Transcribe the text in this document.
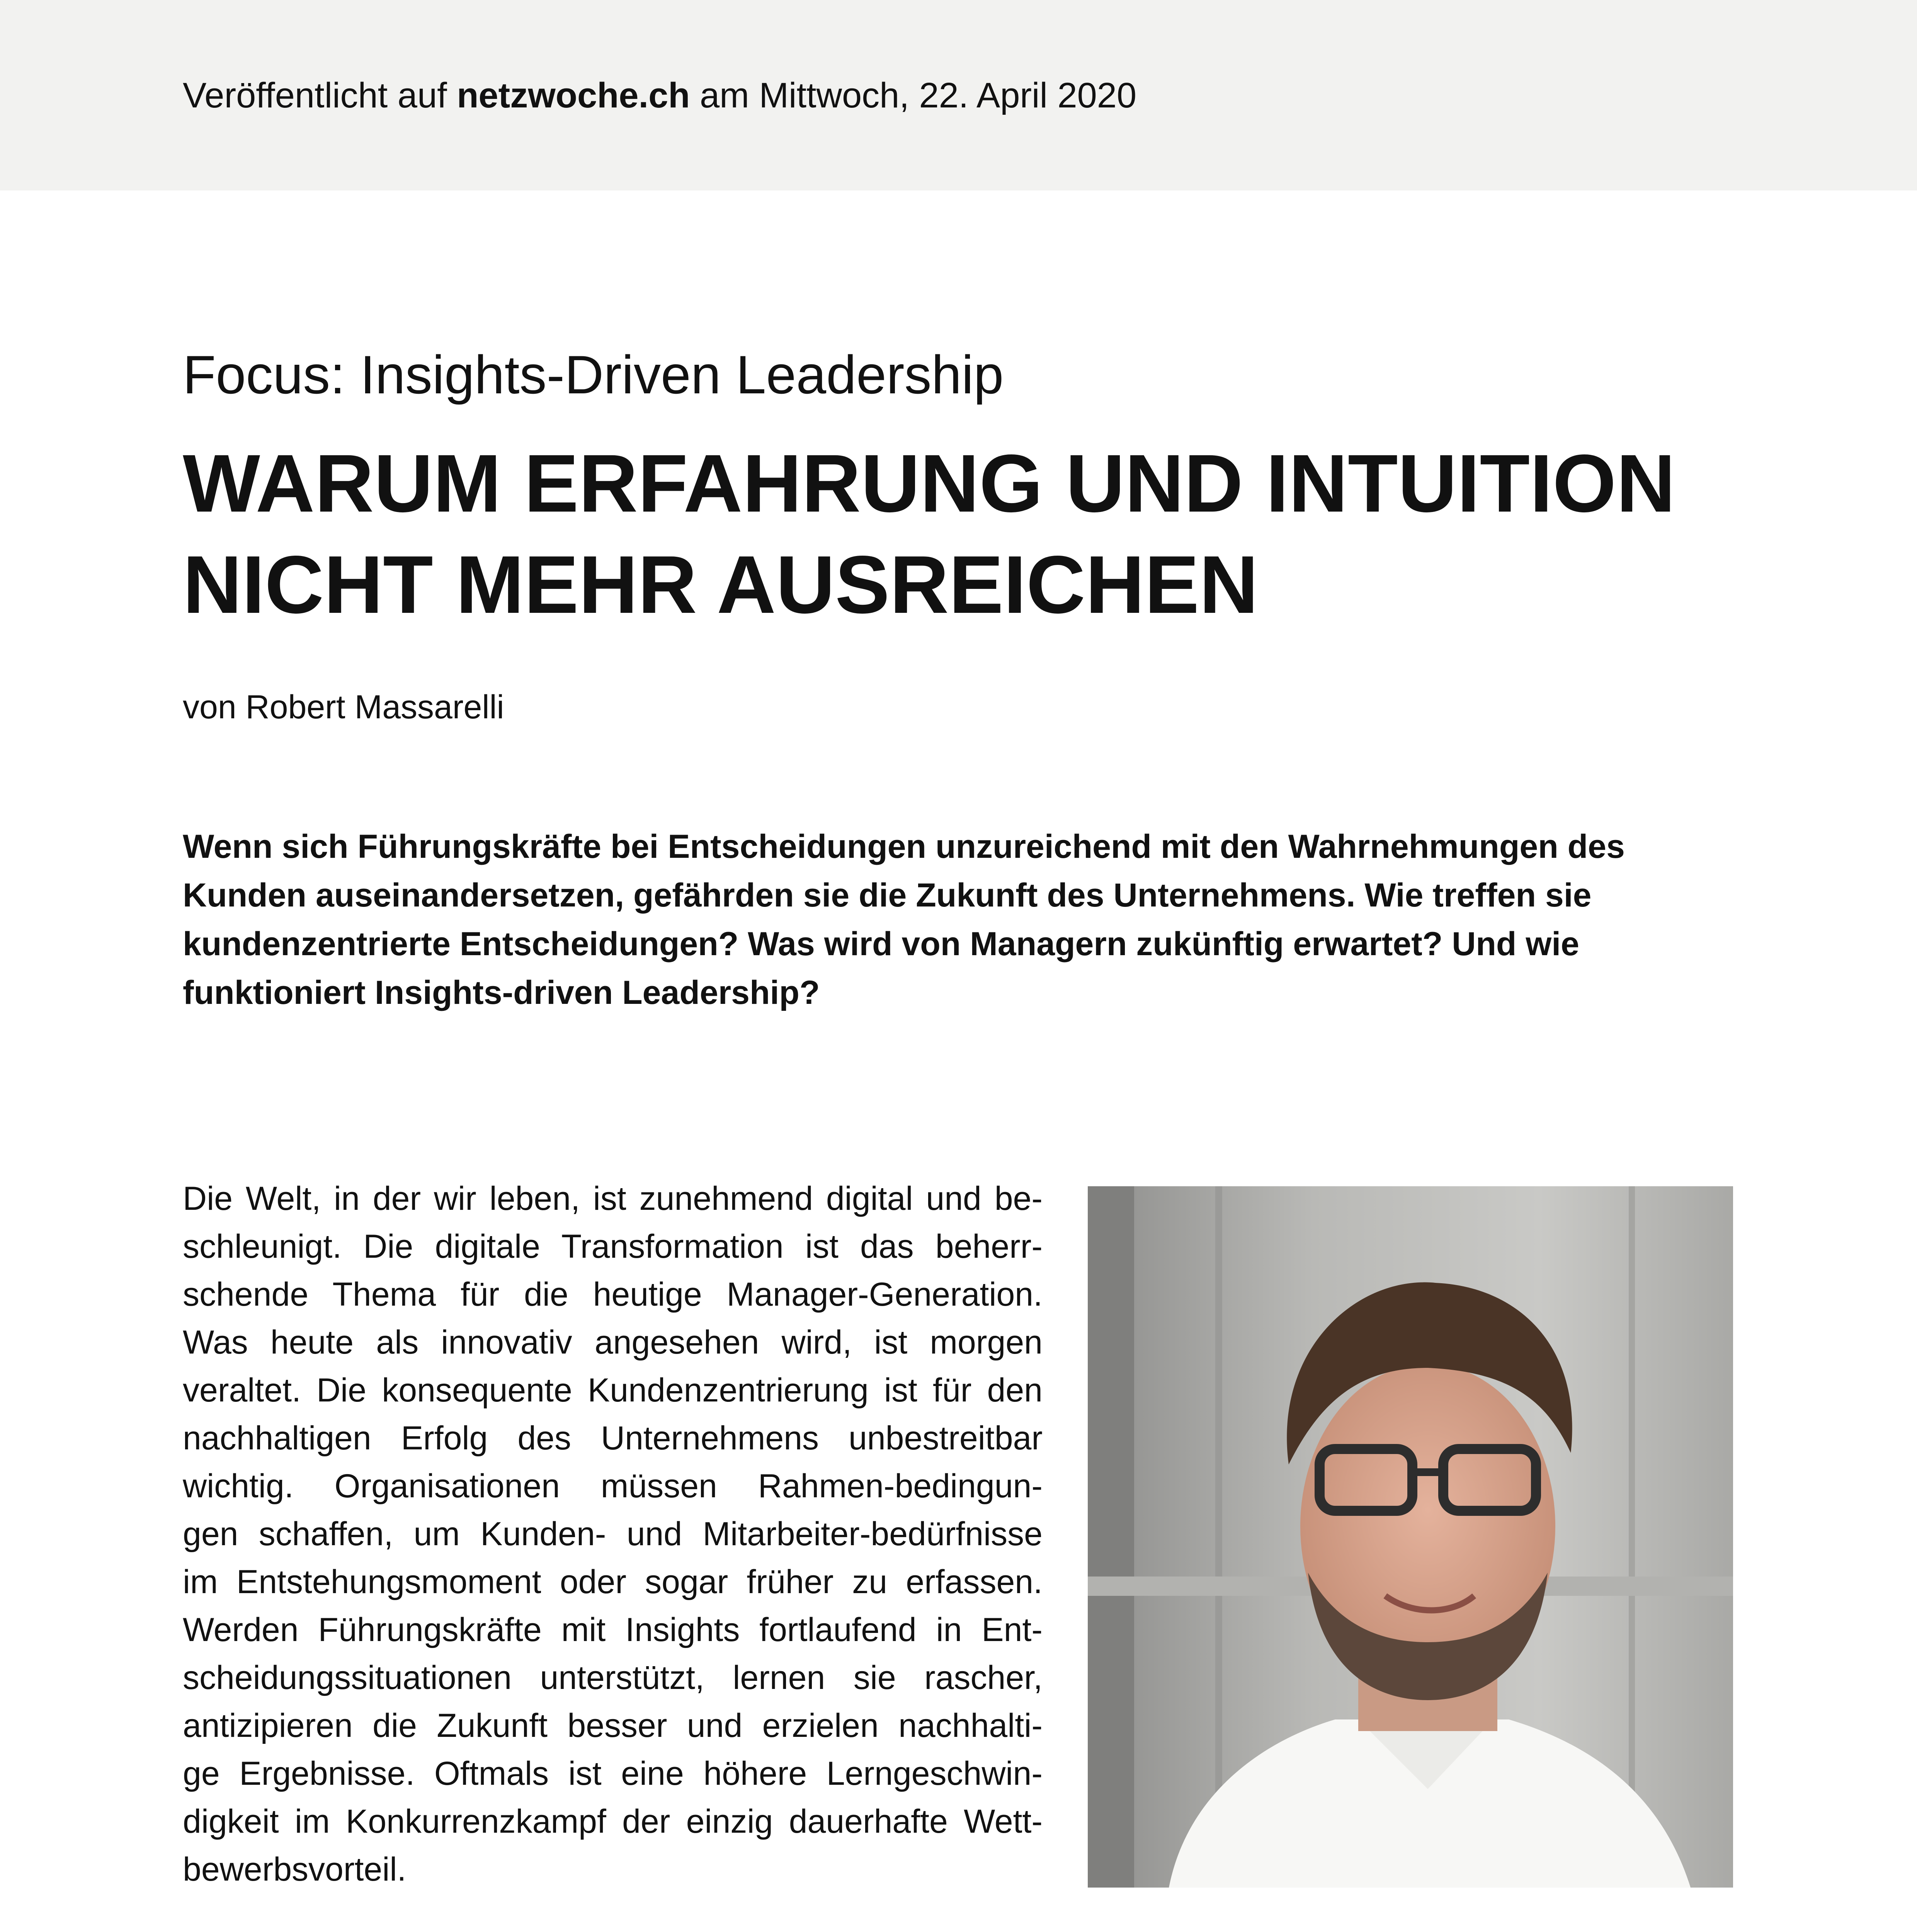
Veröffentlicht auf netzwoche.ch am Mittwoch, 22. April 2020
Focus: Insights-Driven Leadership
WARUM ERFAHRUNG UND INTUITION
NICHT MEHR AUSREICHEN
von Robert Massarelli
Wenn sich Führungskräfte bei Entscheidungen unzureichend mit den Wahrnehmungen des
Kunden auseinandersetzen, gefährden sie die Zukunft des Unternehmens. Wie treffen sie
kundenzentrierte Entscheidungen? Was wird von Managern zukünftig erwartet? Und wie
funktioniert Insights-driven Leadership?
Die Welt, in der wir leben, ist zunehmend digital und be-
schleunigt. Die digitale Transformation ist das beherr-
schende Thema für die heutige Manager-Generation.
Was heute als innovativ angesehen wird, ist morgen
veraltet. Die konsequente Kundenzentrierung ist für den
nachhaltigen Erfolg des Unternehmens unbestreitbar
wichtig. Organisationen müssen Rahmen-bedingun-
gen schaffen, um Kunden- und Mitarbeiter-bedürfnisse
im Entstehungsmoment oder sogar früher zu erfassen.
Werden Führungskräfte mit Insights fortlaufend in Ent-
scheidungssituationen unterstützt, lernen sie rascher,
antizipieren die Zukunft besser und erzielen nachhalti-
ge Ergebnisse. Oftmals ist eine höhere Lerngeschwin-
digkeit im Konkurrenzkampf der einzig dauerhafte Wett-
bewerbsvorteil.
